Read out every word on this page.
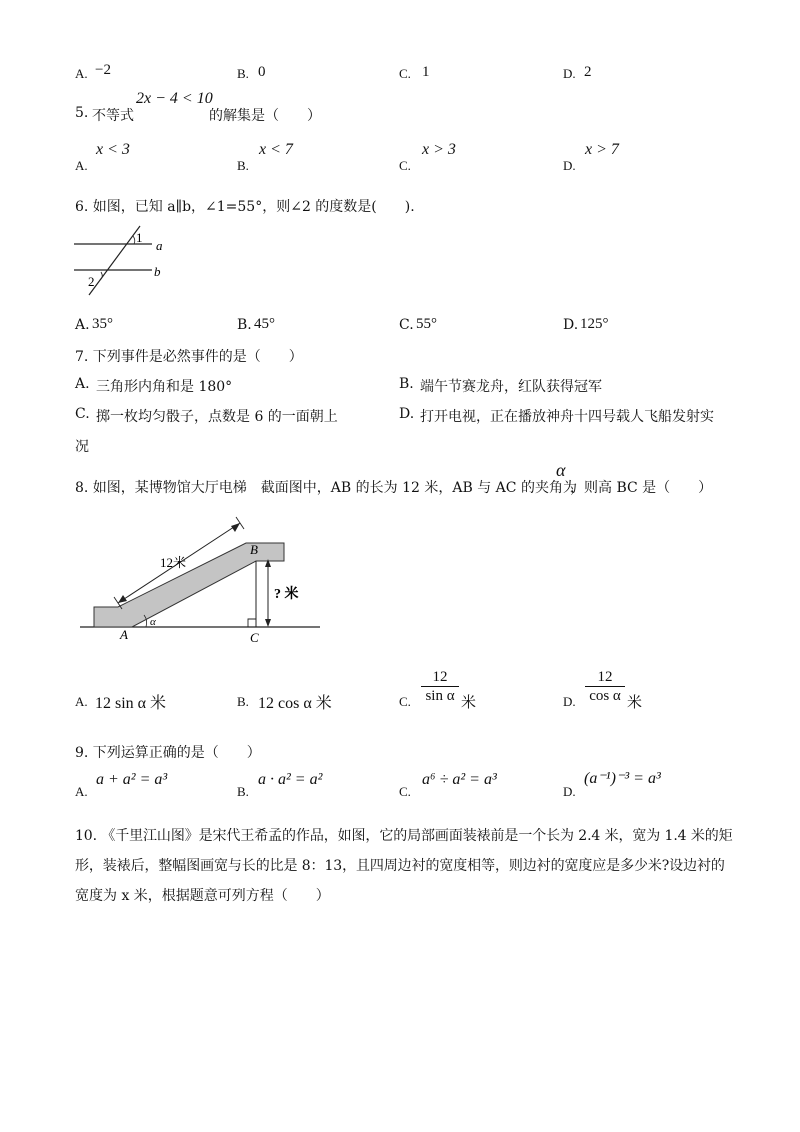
A. −2	B. 0	C. 1	D. 2
5. 不等式
2x − 4 < 10
的解集是（　　）
A.
x < 3
B.
x < 7
C.
x > 3
D.
x > 7
6. 如图，已知 a∥b，∠1=55°，则∠2 的度数是(　　).
1
2
a
b
A. 35°	B. 45°	C. 55°	D. 125°
7. 下列事件是必然事件的是（　　）
A. 三角形内角和是 180°	B. 端午节赛龙舟，红队获得冠军
C. 掷一枚均匀骰子，点数是 6 的一面朝上	D. 打开电视，正在播放神舟十四号载人飞船发射实
况
8. 如图，某博物馆大厅电梯　截面图中，AB 的长为 12 米，AB 与 AC 的夹角为
α
，则高 BC 是（　　）
12米
? 米
A
B
C
α
A. 12 sin α 米	B. 12 cos α 米	C. $\frac{12}{\text{sin α}}$ 米	D. $\frac{12}{\text{cos α}}$ 米
9. 下列运算正确的是（　　）
A.
a + a² = a³
B.
a · a² = a²
C.
a⁶ ÷ a² = a³
D.
(a⁻¹)⁻³ = a³
10. 《千里江山图》是宋代王希孟的作品，如图，它的局部画面装裱前是一个长为 2.4 米，宽为 1.4 米的矩
形，装裱后，整幅图画宽与长的比是 8：13，且四周边衬的宽度相等，则边衬的宽度应是多少米?设边衬的
宽度为 x 米，根据题意可列方程（　　）
